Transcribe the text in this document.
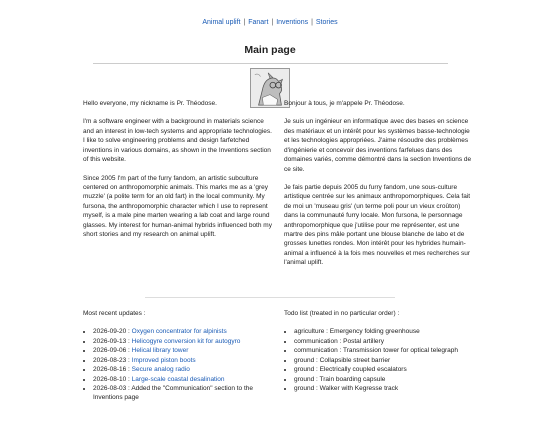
Animal uplift | Fanart | Inventions | Stories
Main page

Hello everyone, my nickname is Pr. Théodose.

I'm a software engineer with a background in materials science and an interest in low-tech systems and appropriate technologies. I like to solve engineering problems and design farfetched inventions in various domains, as shown in the Inventions section of this website.

Since 2005 I'm part of the furry fandom, an artistic subculture centered on anthropomorphic animals. This marks me as a 'grey muzzle' (a polite term for an old fart) in the local community. My fursona, the anthropomorphic character which I use to represent myself, is a male pine marten wearing a lab coat and large round glasses. My interest for human-animal hybrids influenced both my short stories and my research on animal uplift.

Bonjour à tous, je m'appele Pr. Théodose.

Je suis un ingénieur en informatique avec des bases en science des matériaux et un intérêt pour les systèmes basse-technologie et les technologies appropriées. J'aime résoudre des problèmes d'ingénierie et concevoir des inventions farfelues dans des domaines variés, comme démontré dans la section Inventions de ce site.

Je fais partie depuis 2005 du furry fandom, une sous-culture artistique centrée sur les animaux anthropomorphiques. Cela fait de moi un 'museau gris' (un terme poli pour un vieux croûton) dans la communauté furry locale. Mon fursona, le personnage anthropomorphique que j'utilise pour me représenter, est une martre des pins mâle portant une blouse blanche de labo et de grosses lunettes rondes. Mon intérêt pour les hybrides humain-animal a influencé à la fois mes nouvelles et mes recherches sur l'animal uplift.

Most recent updates :

• 2026-09-20 : Oxygen concentrator for alpinists
• 2026-09-13 : Helicogyre conversion kit for autogyro
• 2026-09-06 : Helical library tower
• 2026-08-23 : Improved piston boots
• 2026-08-16 : Secure analog radio
• 2026-08-10 : Large-scale coastal desalination
• 2026-08-03 : Added the "Communication" section to the Inventions page

Todo list (treated in no particular order) :

• agriculture : Emergency folding greenhouse
• communication : Postal artillery
• communication : Transmission tower for optical telegraph
• ground : Collapsible street barrier
• ground : Electrically coupled escalators
• ground : Train boarding capsule
• ground : Walker with Kegresse track
